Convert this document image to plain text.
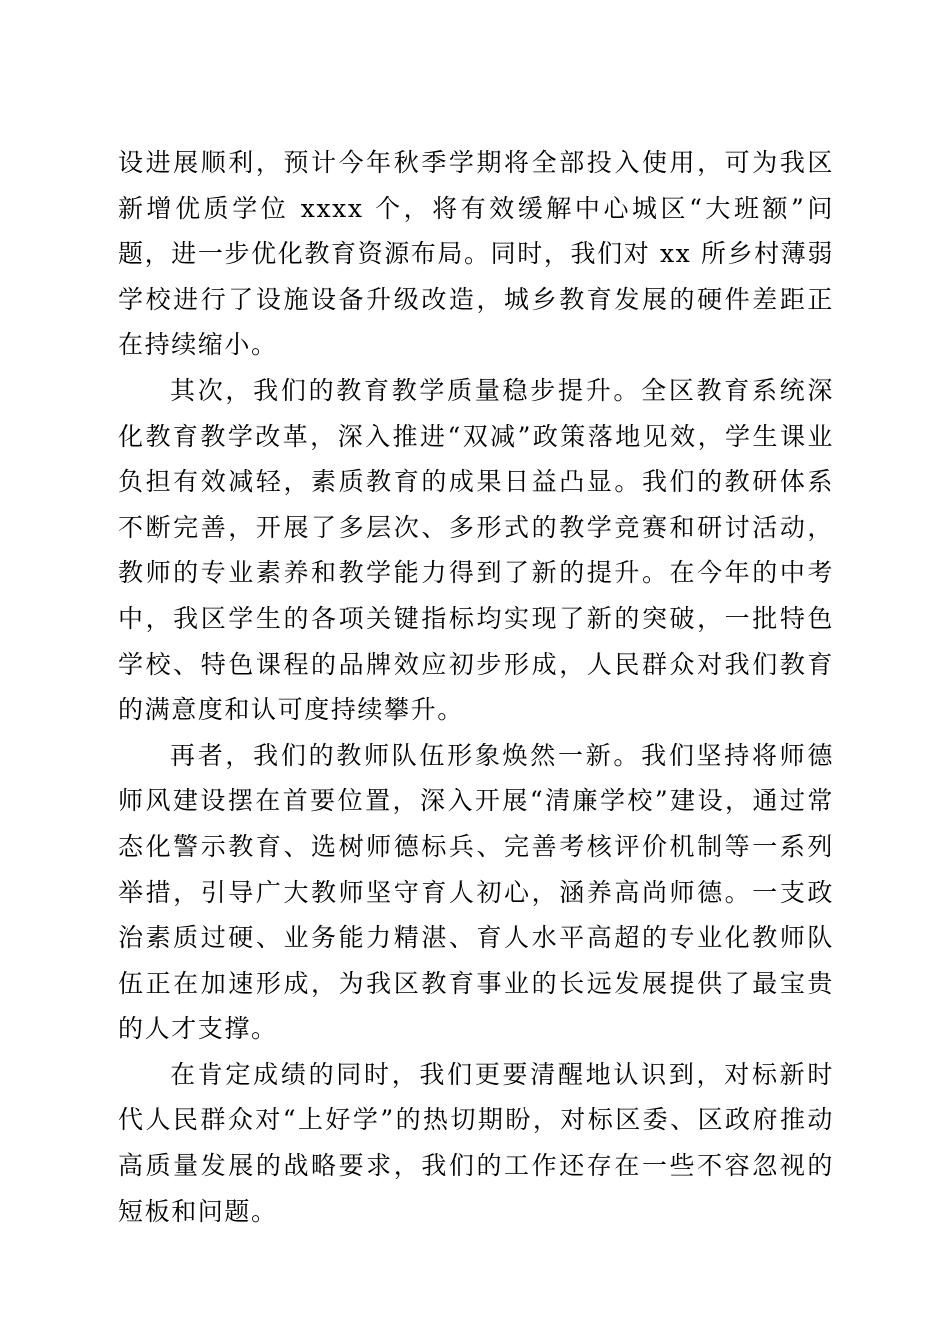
设进展顺利，预计今年秋季学期将全部投入使用，可为我区新增优质学位 xxxx 个，将有效缓解中心城区“大班额”问题，进一步优化教育资源布局。同时，我们对 xx 所乡村薄弱学校进行了设施设备升级改造，城乡教育发展的硬件差距正在持续缩小。

其次，我们的教育教学质量稳步提升。全区教育系统深化教育教学改革，深入推进“双减”政策落地见效，学生课业负担有效减轻，素质教育的成果日益凸显。我们的教研体系不断完善，开展了多层次、多形式的教学竞赛和研讨活动，教师的专业素养和教学能力得到了新的提升。在今年的中考中，我区学生的各项关键指标均实现了新的突破，一批特色学校、特色课程的品牌效应初步形成，人民群众对我们教育的满意度和认可度持续攀升。

再者，我们的教师队伍形象焕然一新。我们坚持将师德师风建设摆在首要位置，深入开展“清廉学校”建设，通过常态化警示教育、选树师德标兵、完善考核评价机制等一系列举措，引导广大教师坚守育人初心，涵养高尚师德。一支政治素质过硬、业务能力精湛、育人水平高超的专业化教师队伍正在加速形成，为我区教育事业的长远发展提供了最宝贵的人才支撑。

在肯定成绩的同时，我们更要清醒地认识到，对标新时代人民群众对“上好学”的热切期盼，对标区委、区政府推动高质量发展的战略要求，我们的工作还存在一些不容忽视的短板和问题。
